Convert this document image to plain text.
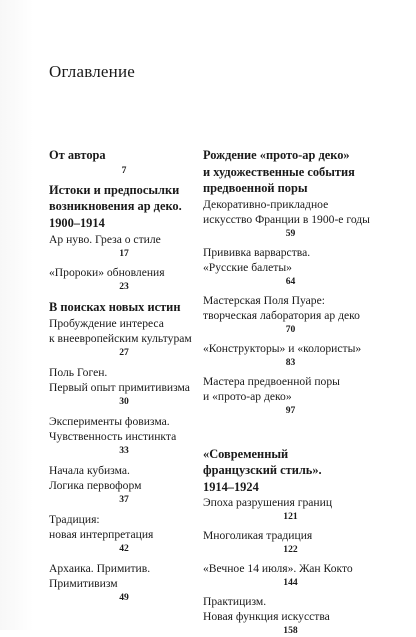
Оглавление
От автора
7
Истоки и предпосылки
возникновения ар деко.
1900–1914
Ар нуво. Греза о стиле
17
«Пророки» обновления
23
В поисках новых истин
Пробуждение интереса
к внеевропейским культурам
27
Поль Гоген.
Первый опыт примитивизма
30
Эксперименты фовизма.
Чувственность инстинкта
33
Начала кубизма.
Логика первоформ
37
Традиция:
новая интерпретация
42
Архаика. Примитив.
Примитивизм
49
Рождение «прото-ар деко»
и художественные события
предвоенной поры
Декоративно-прикладное
искусство Франции в 1900-е годы
59
Прививка варварства.
«Русские балеты»
64
Мастерская Поля Пуаре:
творческая лаборатория ар деко
70
«Конструкторы» и «колористы»
83
Мастера предвоенной поры
и «прото-ар деко»
97
«Современный
французский стиль».
1914–1924
Эпоха разрушения границ
121
Многоликая традиция
122
«Вечное 14 июля». Жан Кокто
144
Практицизм.
Новая функция искусства
158
